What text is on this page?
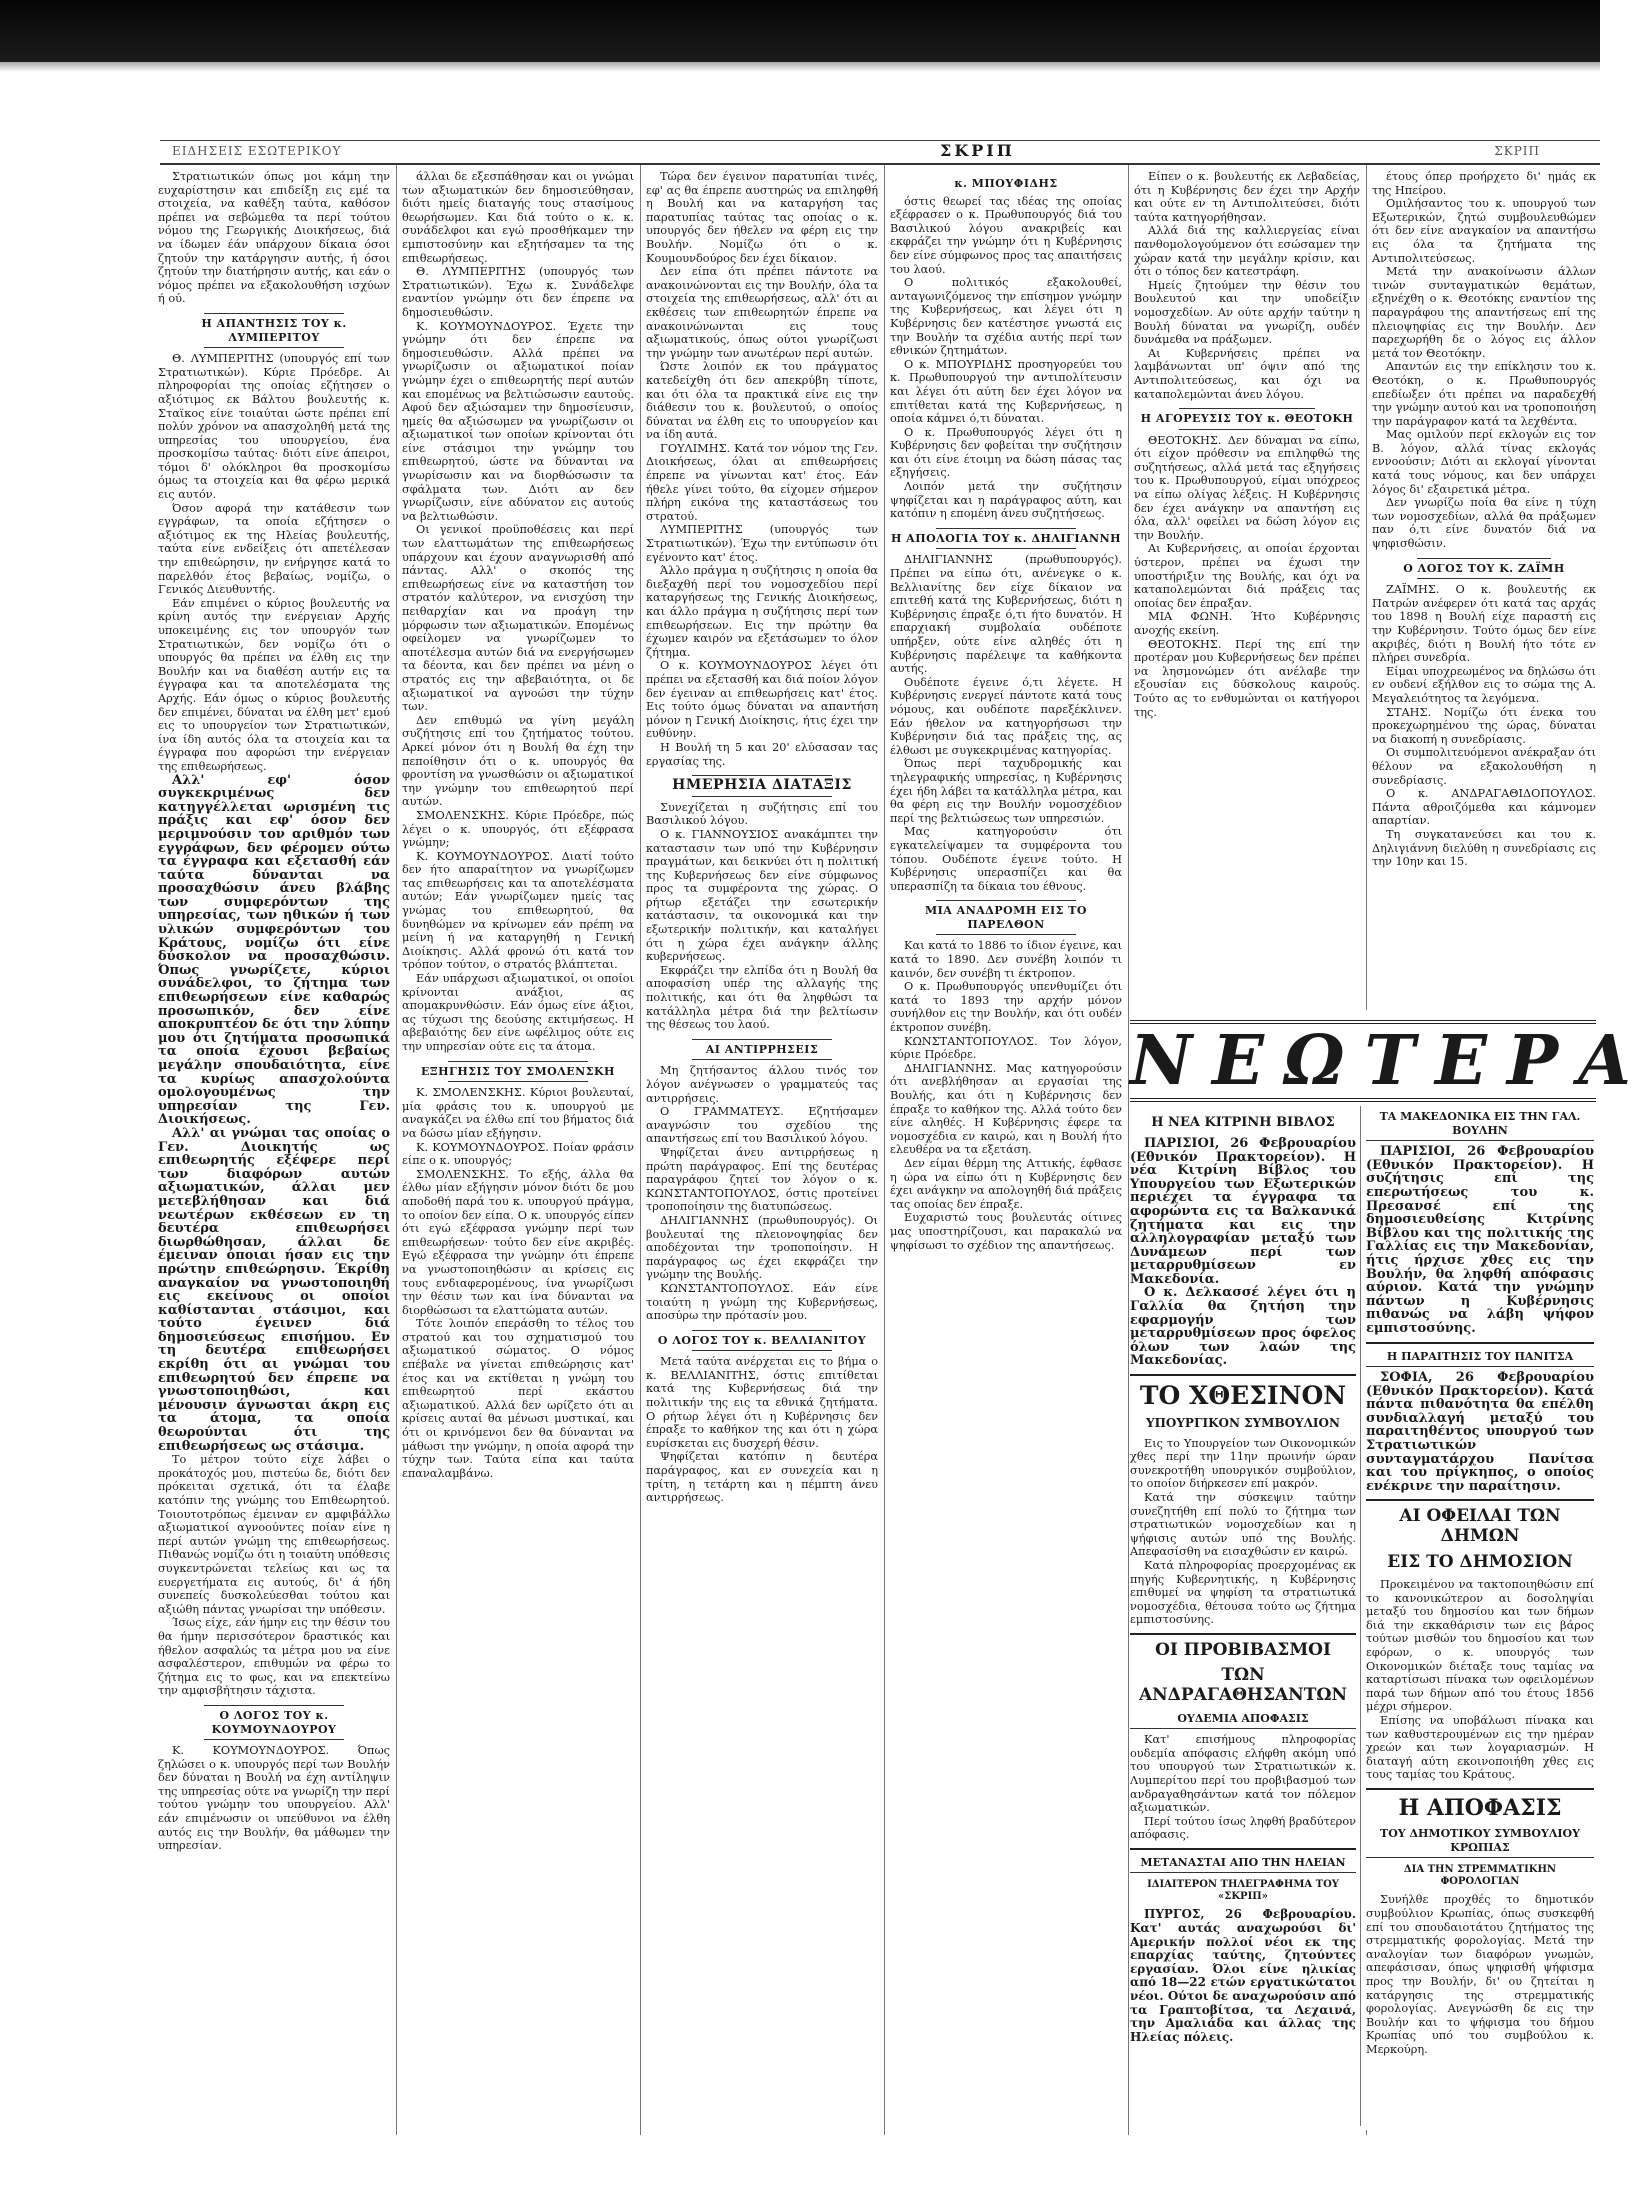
ΕΙΔΗΣΕΙΣ ΕΣΩΤΕΡΙΚΟΥ	ΣΚΡΙΠ	ΣΚΡΙΠ

Στρατιωτικών όπως μοι κάμη την ευχαρίστησιν και επιδείξη εις εμέ τα στοιχεία, να καθέξη ταύτα, καθόσον πρέπει να σεβώμεθα τα περί τούτου νόμου της Γεωργικής Διοικήσεως, διά να ίδωμεν έάν υπάρχουν δίκαια όσοι ζητούν την κατάργησιν αυτής, ή όσοι ζητούν την διατήρησιν αυτής, και εάν ο νόμος πρέπει να εξακολουθήση ισχύων ή ού.

Η ΑΠΑΝΤΗΣΙΣ ΤΟΥ κ. ΛΥΜΠΕΡΙΤΟΥ

Θ. ΛΥΜΠΕΡΙΤΗΣ (υπουργός επί των Στρατιωτικών). Κύριε Πρόεδρε. Αι πληροφορίαι της οποίας εζήτησεν ο αξιότιμος εκ Βάλτου βουλευτής κ. Σταϊκος είνε τοιαύται ώστε πρέπει επί πολύν χρόνον να απασχοληθή μετά της υπηρεσίας του υπουργείου, ένα προσκομίσω ταύτας· διότι είνε άπειροι, τόμοι δ' ολόκληροι θα προσκομίσω όμως τα στοιχεία και θα φέρω μερικά εις αυτόν.

Όσον αφορά την κατάθεσιν των εγγράφων, τα οποία εζήτησεν ο αξιότιμος εκ της Ηλείας βουλευτής, ταύτα είνε ενδείξεις ότι απετέλεσαν την επιθεώρησιν, ην ενήργησε κατά το παρελθόν έτος βεβαίως, νομίζω, ο Γενικός Διευθυντής.

Εάν επιμένει ο κύριος βουλευτής να κρίνη αυτός την ενέργειαν Αρχής υποκειμένης εις τον υπουργόν των Στρατιωτικών, δεν νομίζω ότι ο υπουργός θα πρέπει να έλθη εις την Βουλήν και να διαθέση αυτήν εις τα έγγραφα και τα αποτελέσματα της Αρχής. Εάν όμως ο κύριος βουλευτής δεν επιμένει, δύναται να έλθη μετ' εμού εις το υπουργείον των Στρατιωτικών, ίνα ίδη αυτός όλα τα στοιχεία και τα έγγραφα που αφορώσι την ενέργειαν της επιθεωρήσεως.

Αλλ' εφ' όσον συγκεκριμένως δεν κατηγγέλλεται ωρισμένη τις πράξις και εφ' όσον δεν μεριμνούσιν τον αριθμόν των εγγράφων, δεν φέρομεν ούτω τα έγγραφα και εξετασθή εάν ταύτα δύνανται να προσαχθώσιν άνευ βλάβης των συμφερόντων της υπηρεσίας, των ηθικών ή των υλικών συμφερόντων του Κράτους, νομίζω ότι είνε δύσκολον να προσαχθώσιν. Όπως γνωρίζετε, κύριοι συνάδελφοι, το ζήτημα των επιθεωρήσεων είνε καθαρώς προσωπικόν, δεν είνε αποκρυπτέον δε ότι την λύπην μου ότι ζητήματα προσωπικά τα οποία έχουσι βεβαίως μεγάλην σπουδαιότητα, είνε τα κυρίως απασχολούντα ομολογουμένως την υπηρεσίαν της Γεν. Διοικήσεως.

Αλλ' αι γνώμαι τας οποίας ο Γεν. Διοικητής ως επιθεωρητής εξέφερε περί των διαφόρων αυτών αξιωματικών, άλλαι μεν μετεβλήθησαν και διά νεωτέρων εκθέσεων εν τη δευτέρα επιθεωρήσει διωρθώθησαν, άλλαι δε έμειναν όποιαι ήσαν εις την πρώτην επιθεώρησιν. Έκρίθη αναγκαίον να γνωστοποιηθή εις εκείνους οι οποίοι καθίστανται στάσιμοι, και τούτο έγεινεν διά δημοσιεύσεως επισήμου. Εν τη δευτέρα επιθεωρήσει εκρίθη ότι αι γνώμαι του επιθεωρητού δεν έπρεπε να γνωστοποιηθώσι, και μένουσιν άγνωσται άκρη εις τα άτομα, τα οποία θεωρούνται ότι της επιθεωρήσεως ως στάσιμα.

Το μέτρον τούτο είχε λάβει ο προκάτοχός μου, πιστεύω δε, διότι δεν πρόκειται σχετικά, ότι τα έλαβε κατόπιν της γνώμης του Επιθεωρητού. Τοιουτοτρόπως έμειναν εν αμφιβάλλω αξιωματικοί αγνοούντες ποίαν είνε η περί αυτών γνώμη της επιθεωρήσεως. Πιθανώς νομίζω ότι η τοιαύτη υπόθεσις συγκεντρώνεται τελείως και ως τα ευεργετήματα εις αυτούς, δι' ά ήδη συνεπείς δυσκολεύεσθαι τούτου και αξιώθη πάντας γνωρίσαι την υπόθεσιν.

Ίσως είχε, εάν ήμην εις την θέσιν του θα ήμην περισσότερον δραστικός και ήθελον ασφαλώς τα μέτρα μου να είνε ασφαλέστερον, επιθυμών να φέρω το ζήτημα εις το φως, και να επεκτείνω την αμφισβήτησιν τάχιστα.

Ο ΛΟΓΟΣ ΤΟΥ κ. ΚΟΥΜΟΥΝΔΟΥΡΟΥ

Κ. ΚΟΥΜΟΥΝΔΟΥΡΟΣ. Όπως ζηλώσει ο κ. υπουργός περί των Βουλήν δεν δύναται η Βουλή να έχη αντίληψιν της υπηρεσίας ούτε να γνωρίζη την περί τούτου γνώμην του υπουργείου. Αλλ' εάν επιμένωσιν οι υπεύθυνοι να έλθη αυτός εις την Βουλήν, θα μάθωμεν την υπηρεσίαν.

άλλαι δε εξεσπάθησαν και οι γνώμαι των αξιωματικών δεν δημοσιεύθησαν, διότι ημείς διαταγής τους στασίμους θεωρήσωμεν. Και διά τούτο ο κ. κ. συνάδελφοι και εγώ προσθήκαμεν την εμπιστοσύνην και εξητήσαμεν τα της επιθεωρήσεως.

Θ. ΛΥΜΠΕΡΙΤΗΣ (υπουργός των Στρατιωτικών). Έχω κ. Συνάδελφε εναντίον γνώμην ότι δεν έπρεπε να δημοσιευθώσιν.

Κ. ΚΟΥΜΟΥΝΔΟΥΡΟΣ. Έχετε την γνώμην ότι δεν έπρεπε να δημοσιευθώσιν. Αλλά πρέπει να γνωρίζωσιν οι αξιωματικοί ποίαν γνώμην έχει ο επιθεωρητής περί αυτών και επομένως να βελτιώσωσιν εαυτούς. Αφού δεν αξιώσαμεν την δημοσίευσιν, ημείς θα αξιώσωμεν να γνωρίζωσιν οι αξιωματικοί των οποίων κρίνονται ότι είνε στάσιμοι την γνώμην του επιθεωρητού, ώστε να δύνανται να γνωρίσωσιν και να διορθώσωσιν τα σφάλματα των. Διότι αν δεν γνωρίζωσιν, είνε αδύνατον εις αυτούς να βελτιωθώσιν.

Οι γενικοί προϋποθέσεις και περί των ελαττωμάτων της επιθεωρήσεως υπάρχουν και έχουν αναγνωρισθή από πάντας. Αλλ' ο σκοπός της επιθεωρήσεως είνε να καταστήση τον στρατόν καλύτερον, να ενισχύση την πειθαρχίαν και να προάγη την μόρφωσιν των αξιωματικών. Επομένως οφείλομεν να γνωρίζωμεν το αποτέλεσμα αυτών διά να ενεργήσωμεν τα δέοντα, και δεν πρέπει να μένη ο στρατός εις την αβεβαιότητα, οι δε αξιωματικοί να αγνοώσι την τύχην των.

Δεν επιθυμώ να γίνη μεγάλη συζήτησις επί του ζητήματος τούτου. Αρκεί μόνον ότι η Βουλή θα έχη την πεποίθησιν ότι ο κ. υπουργός θα φροντίση να γνωσθώσιν οι αξιωματικοί την γνώμην του επιθεωρητού περί αυτών.

ΣΜΟΛΕΝΣΚΗΣ. Κύριε Πρόεδρε, πώς λέγει ο κ. υπουργός, ότι εξέφρασα γνώμην;

Κ. ΚΟΥΜΟΥΝΔΟΥΡΟΣ. Διατί τούτο δεν ήτο απαραίτητον να γνωρίζωμεν τας επιθεωρήσεις και τα αποτελέσματα αυτών; Εάν γνωρίζωμεν ημείς τας γνώμας του επιθεωρητού, θα δυνηθώμεν να κρίνωμεν εάν πρέπη να μείνη ή να καταργηθή η Γενική Διοίκησις. Αλλά φρονώ ότι κατά τον τρόπον τούτον, ο στρατός βλάπτεται.

Εάν υπάρχωσι αξιωματικοί, οι οποίοι κρίνονται ανάξιοι, ας απομακρυνθώσιν. Εάν όμως είνε άξιοι, ας τύχωσι της δεούσης εκτιμήσεως. Η αβεβαιότης δεν είνε ωφέλιμος ούτε εις την υπηρεσίαν ούτε εις τα άτομα.

ΕΞΗΓΗΣΙΣ ΤΟΥ ΣΜΟΛΕΝΣΚΗ

Κ. ΣΜΟΛΕΝΣΚΗΣ. Κύριοι βουλευταί, μία φράσις του κ. υπουργού με αναγκάζει να έλθω επί του βήματος διά να δώσω μίαν εξήγησιν.

Κ. ΚΟΥΜΟΥΝΔΟΥΡΟΣ. Ποίαν φράσιν είπε ο κ. υπουργός;

ΣΜΟΛΕΝΣΚΗΣ. Το εξής, άλλα θα έλθω μίαν εξήγησιν μόνον διότι δε μου αποδοθή παρά του κ. υπουργού πράγμα, το οποίον δεν είπα. Ο κ. υπουργός είπεν ότι εγώ εξέφρασα γνώμην περί των επιθεωρήσεων· τούτο δεν είνε ακριβές. Εγώ εξέφρασα την γνώμην ότι έπρεπε να γνωστοποιηθώσιν αι κρίσεις εις τους ενδιαφερομένους, ίνα γνωρίζωσι την θέσιν των και ίνα δύνανται να διορθώσωσι τα ελαττώματα αυτών.

Τότε λοιπόν επεράσθη το τέλος του στρατού και του σχηματισμού του αξιωματικού σώματος. Ο νόμος επέβαλε να γίνεται επιθεώρησις κατ' έτος και να εκτίθεται η γνώμη του επιθεωρητού περί εκάστου αξιωματικού. Αλλά δεν ωρίζετο ότι αι κρίσεις αυταί θα μένωσι μυστικαί, και ότι οι κρινόμενοι δεν θα δύνανται να μάθωσι την γνώμην, η οποία αφορά την τύχην των. Ταύτα είπα και ταύτα επαναλαμβάνω.

Τώρα δεν έγεινον παρατυπίαι τινές, εφ' ας θα έπρεπε αυστηρώς να επιληφθή η Βουλή και να καταργήση τας παρατυπίας ταύτας τας οποίας ο κ. υπουργός δεν ήθελεν να φέρη εις την Βουλήν. Νομίζω ότι ο κ. Κουμουνδούρος δεν έχει δίκαιον.

Δεν είπα ότι πρέπει πάντοτε να ανακοινώνονται εις την Βουλήν, όλα τα στοιχεία της επιθεωρήσεως, αλλ' ότι αι εκθέσεις των επιθεωρητών έπρεπε να ανακοινώνωνται εις τους αξιωματικούς, όπως ούτοι γνωρίζωσι την γνώμην των ανωτέρων περί αυτών.

Ώστε λοιπόν εκ του πράγματος κατεδείχθη ότι δεν απεκρύβη τίποτε, και ότι όλα τα πρακτικά είνε εις την διάθεσιν του κ. βουλευτού, ο οποίος δύναται να έλθη εις το υπουργείον και να ίδη αυτά.

ΓΟΥΛΙΜΗΣ. Κατά τον νόμον της Γεν. Διοικήσεως, όλαι αι επιθεωρήσεις έπρεπε να γίνωνται κατ' έτος. Εάν ήθελε γίνει τούτο, θα είχομεν σήμερον πλήρη εικόνα της καταστάσεως του στρατού.

ΛΥΜΠΕΡΙΤΗΣ (υπουργός των Στρατιωτικών). Έχω την εντύπωσιν ότι εγένοντο κατ' έτος.

Άλλο πράγμα η συζήτησις η οποία θα διεξαχθή περί του νομοσχεδίου περί καταργήσεως της Γενικής Διοικήσεως, και άλλο πράγμα η συζήτησις περί των επιθεωρήσεων. Εις την πρώτην θα έχωμεν καιρόν να εξετάσωμεν το όλον ζήτημα.

Ο κ. ΚΟΥΜΟΥΝΔΟΥΡΟΣ λέγει ότι πρέπει να εξετασθή και διά ποίον λόγον δεν έγειναν αι επιθεωρήσεις κατ' έτος. Εις τούτο όμως δύναται να απαντήση μόνον η Γενική Διοίκησις, ήτις έχει την ευθύνην.

Η Βουλή τη 5 και 20' ελύσασαν τας εργασίας της.

ΗΜΕΡΗΣΙΑ ΔΙΑΤΑΞΙΣ

Συνεχίζεται η συζήτησις επί του Βασιλικού λόγου.

Ο κ. ΓΙΑΝΝΟΥΣΙΟΣ ανακάμπτει την καταστασιν των υπό την Κυβέρνησιν πραγμάτων, και δεικνύει ότι η πολιτική της Κυβερνήσεως δεν είνε σύμφωνος προς τα συμφέροντα της χώρας. Ο ρήτωρ εξετάζει την εσωτερικήν κατάστασιν, τα οικονομικά και την εξωτερικήν πολιτικήν, και καταλήγει ότι η χώρα έχει ανάγκην άλλης κυβερνήσεως.

Εκφράζει την ελπίδα ότι η Βουλή θα αποφασίση υπέρ της αλλαγής της πολιτικής, και ότι θα ληφθώσι τα κατάλληλα μέτρα διά την βελτίωσιν της θέσεως του λαού.

ΑΙ ΑΝΤΙΡΡΗΣΕΙΣ

Μη ζητήσαντος άλλου τινός τον λόγον ανέγνωσεν ο γραμματεύς τας αντιρρήσεις.

Ο ΓΡΑΜΜΑΤΕΥΣ. Εζητήσαμεν αναγνώσιν του σχεδίου της απαντήσεως επί του Βασιλικού λόγου.

Ψηφίζεται άνευ αντιρρήσεως η πρώτη παράγραφος. Επί της δευτέρας παραγράφου ζητεί τον λόγον ο κ. ΚΩΝΣΤΑΝΤΟΠΟΥΛΟΣ, όστις προτείνει τροποποίησιν της διατυπώσεως.

ΔΗΛΙΓΙΑΝΝΗΣ (πρωθυπουργός). Οι βουλευταί της πλειονοψηφίας δεν αποδέχονται την τροποποίησιν. Η παράγραφος ως έχει εκφράζει την γνώμην της Βουλής.

ΚΩΝΣΤΑΝΤΟΠΟΥΛΟΣ. Εάν είνε τοιαύτη η γνώμη της Κυβερνήσεως, αποσύρω την πρότασίν μου.

Ο ΛΟΓΟΣ ΤΟΥ κ. ΒΕΛΛΙΑΝΙΤΟΥ

Μετά ταύτα ανέρχεται εις το βήμα ο κ. ΒΕΛΛΙΑΝΙΤΗΣ, όστις επιτίθεται κατά της Κυβερνήσεως διά την πολιτικήν της εις τα εθνικά ζητήματα. Ο ρήτωρ λέγει ότι η Κυβέρνησις δεν έπραξε το καθήκον της και ότι η χώρα ευρίσκεται εις δυσχερή θέσιν.

Ψηφίζεται κατόπιν η δευτέρα παράγραφος, και εν συνεχεία και η τρίτη, η τετάρτη και η πέμπτη άνευ αντιρρήσεως.

κ. ΜΠΟΥΦΙΔΗΣ

όστις θεωρεί τας ιδέας της οποίας εξέφρασεν ο κ. Πρωθυπουργός διά του Βασιλικού λόγου ανακριβείς και εκφράζει την γνώμην ότι η Κυβέρνησις δεν είνε σύμφωνος προς τας απαιτήσεις του λαού.

Ο πολιτικός εξακολουθεί, ανταγωνιζόμενος την επίσημον γνώμην της Κυβερνήσεως, και λέγει ότι η Κυβέρνησις δεν κατέστησε γνωστά εις την Βουλήν τα σχέδια αυτής περί των εθνικών ζητημάτων.

Ο κ. ΜΠΟΥΡΙΔΗΣ προσηγορεύει του κ. Πρωθυπουργού την αντιπολίτευσιν και λέγει ότι αύτη δεν έχει λόγον να επιτίθεται κατά της Κυβερνήσεως, η οποία κάμνει ό,τι δύναται.

Ο κ. Πρωθυπουργός λέγει ότι η Κυβέρνησις δεν φοβείται την συζήτησιν και ότι είνε έτοιμη να δώση πάσας τας εξηγήσεις.

Λοιπόν μετά την συζήτησιν ψηφίζεται και η παράγραφος αύτη, και κατόπιν η επομένη άνευ συζητήσεως.

Η ΑΠΟΛΟΓΙΑ ΤΟΥ κ. ΔΗΛΙΓΙΑΝΝΗ

ΔΗΛΙΓΙΑΝΝΗΣ (πρωθυπουργός). Πρέπει να είπω ότι, ανένεγκε ο κ. Βελλιανίτης δεν είχε δίκαιον να επιτεθή κατά της Κυβερνήσεως, διότι η Κυβέρνησις έπραξε ό,τι ήτο δυνατόν. Η επαρχιακή συμβολαία ουδέποτε υπήρξεν, ούτε είνε αληθές ότι η Κυβέρνησις παρέλειψε τα καθήκοντα αυτής.

Ουδέποτε έγεινε ό,τι λέγετε. Η Κυβέρνησις ενεργεί πάντοτε κατά τους νόμους, και ουδέποτε παρεξέκλινεν. Εάν ήθελον να κατηγορήσωσι την Κυβέρνησιν διά τας πράξεις της, ας έλθωσι με συγκεκριμένας κατηγορίας.

Όπως περί ταχυδρομικής και τηλεγραφικής υπηρεσίας, η Κυβέρνησις έχει ήδη λάβει τα κατάλληλα μέτρα, και θα φέρη εις την Βουλήν νομοσχέδιον περί της βελτιώσεως των υπηρεσιών.

Μας κατηγορούσιν ότι εγκατελείψαμεν τα συμφέροντα του τόπου. Ουδέποτε έγεινε τούτο. Η Κυβέρνησις υπερασπίζει και θα υπερασπίζη τα δίκαια του έθνους.

ΜΙΑ ΑΝΑΔΡΟΜΗ ΕΙΣ ΤΟ ΠΑΡΕΛΘΟΝ

Και κατά το 1886 το ίδιον έγεινε, και κατά το 1890. Δεν συνέβη λοιπόν τι καινόν, δεν συνέβη τι έκτροπον.

Ο κ. Πρωθυπουργός υπενθυμίζει ότι κατά το 1893 την αρχήν μόνον συνήλθον εις την Βουλήν, και ότι ουδέν έκτροπον συνέβη.

ΚΩΝΣΤΑΝΤΟΠΟΥΛΟΣ. Τον λόγον, κύριε Πρόεδρε.

ΔΗΛΙΓΙΑΝΝΗΣ. Μας κατηγορούσιν ότι ανεβλήθησαν αι εργασίαι της Βουλής, και ότι η Κυβέρνησις δεν έπραξε το καθήκον της. Αλλά τούτο δεν είνε αληθές. Η Κυβέρνησις έφερε τα νομοσχέδια εν καιρώ, και η Βουλή ήτο ελευθέρα να τα εξετάση.

Δεν είμαι θέρμη της Αττικής, έφθασε η ώρα να είπω ότι η Κυβέρνησις δεν έχει ανάγκην να απολογηθή διά πράξεις τας οποίας δεν έπραξε.

Ευχαριστώ τους βουλευτάς οίτινες μας υποστηρίζουσι, και παρακαλώ να ψηφίσωσι το σχέδιον της απαντήσεως.

Είπεν ο κ. βουλευτής εκ Λεβαδείας, ότι η Κυβέρνησις δεν έχει την Αρχήν και ούτε εν τη Αντιπολιτεύσει, διότι ταύτα κατηγορήθησαν.

Αλλά διά της καλλιεργείας είναι πανθομολογούμενον ότι εσώσαμεν την χώραν κατά την μεγάλην κρίσιν, και ότι ο τόπος δεν κατεστράφη.

Ημείς ζητούμεν την θέσιν του Βουλευτού και την υποδείξιν νομοσχεδίων. Αν ούτε αρχήν ταύτην η Βουλή δύναται να γνωρίζη, ουδέν δυνάμεθα να πράξωμεν.

Αι Κυβερνήσεις πρέπει να λαμβάνωνται υπ' όψιν από της Αντιπολιτεύσεως, και όχι να καταπολεμώνται άνευ λόγου.

Η ΑΓΟΡΕΥΣΙΣ ΤΟΥ κ. ΘΕΟΤΟΚΗ

ΘΕΟΤΟΚΗΣ. Δεν δύναμαι να είπω, ότι είχον πρόθεσιν να επιληφθώ της συζητήσεως, αλλά μετά τας εξηγήσεις του κ. Πρωθυπουργού, είμαι υπόχρεος να είπω ολίγας λέξεις. Η Κυβέρνησις δεν έχει ανάγκην να απαντήση εις όλα, αλλ' οφείλει να δώση λόγον εις την Βουλήν.

Αι Κυβερνήσεις, αι οποίαι έρχονται ύστερον, πρέπει να έχωσι την υποστήριξιν της Βουλής, και όχι να καταπολεμώνται διά πράξεις τας οποίας δεν έπραξαν.

ΜΙΑ ΦΩΝΗ. Ήτο Κυβέρνησις ανοχής εκείνη.

ΘΕΟΤΟΚΗΣ. Περί της επί την προτέραν μου Κυβερνήσεως δεν πρέπει να λησμονώμεν ότι ανέλαβε την εξουσίαν εις δύσκολους καιρούς. Τούτο ας το ενθυμώνται οι κατήγοροι της.

έτους όπερ προήρχετο δι' ημάς εκ της Ηπείρου.

Ομιλήσαντος του κ. υπουργού των Εξωτερικών, ζητώ συμβουλευθώμεν ότι δεν είνε αναγκαίον να απαντήσω εις όλα τα ζητήματα της Αντιπολιτεύσεως.

Μετά την ανακοίνωσιν άλλων τινών συνταγματικών θεμάτων, εξηνέχθη ο κ. Θεοτόκης εναντίον της παραγράφου της απαντήσεως επί της πλειοψηφίας εις την Βουλήν. Δεν παρεχωρήθη δε ο λόγος εις άλλον μετά τον Θεοτόκην.

Απαντών εις την επίκλησιν του κ. Θεοτόκη, ο κ. Πρωθυπουργός επεδίωξεν ότι πρέπει να παραδεχθή την γνώμην αυτού και να τροποποιήση την παράγραφον κατά τα λεχθέντα.

Μας ομιλούν περί εκλογών εις τον Β. λόγον, αλλά τίνας εκλογάς εννοούσιν; Διότι αι εκλογαί γίνονται κατά τους νόμους, και δεν υπάρχει λόγος δι' εξαιρετικά μέτρα.

Δεν γνωρίζω ποία θα είνε η τύχη των νομοσχεδίων, αλλά θα πράξωμεν παν ό,τι είνε δυνατόν διά να ψηφισθώσιν.

Ο ΛΟΓΟΣ ΤΟΥ Κ. ΖΑΪΜΗ

ΖΑΪΜΗΣ. Ο κ. βουλευτής εκ Πατρών ανέφερεν ότι κατά τας αρχάς του 1898 η Βουλή είχε παραστή εις την Κυβέρνησιν. Τούτο όμως δεν είνε ακριβές, διότι η Βουλή ήτο τότε εν πλήρει συνεδρία.

Είμαι υποχρεωμένος να δηλώσω ότι εν ουδενί εξήλθον εις το σώμα της Α. Μεγαλειότητος τα λεγόμενα.

ΣΤΑΗΣ. Νομίζω ότι ένεκα του προκεχωρημένου της ώρας, δύναται να διακοπή η συνεδρίασις.

Οι συμπολιτευόμενοι ανέκραξαν ότι θέλουν να εξακολουθήση η συνεδρίασις.

Ο κ. ΑΝΔΡΑΓΑΘΙΔΟΠΟΥΛΟΣ. Πάντα αθροιζόμεθα και κάμνομεν απαρτίαν.

Τη συγκατανεύσει και του κ. Δηλιγιάννη διελύθη η συνεδρίασις εις την 10ην και 15.

ΝΕΩΤΕΡΑ
Η ΝΕΑ ΚΙΤΡΙΝΗ ΒΙΒΛΟΣ

ΠΑΡΙΣΙΟΙ, 26 Φεβρουαρίου (Εθνικόν Πρακτορείον). Η νέα Κιτρίνη Βίβλος του Υπουργείου των Εξωτερικών περιέχει τα έγγραφα τα αφορώντα εις τα Βαλκανικά ζητήματα και εις την αλληλογραφίαν μεταξύ των Δυνάμεων περί των μεταρρυθμίσεων εν Μακεδονία.

Ο κ. Δελκασσέ λέγει ότι η Γαλλία θα ζητήση την εφαρμογήν των μεταρρυθμίσεων προς όφελος όλων των λαών της Μακεδονίας.

ΤΟ ΧΘΕΣΙΝΟΝ
ΥΠΟΥΡΓΙΚΟΝ ΣΥΜΒΟΥΛΙΟΝ

Εις το Υπουργείον των Οικονομικών χθες περί την 11ην πρωινήν ώραν συνεκροτήθη υπουργικόν συμβούλιον, το οποίον διήρκεσεν επί μακρόν.

Κατά την σύσκεψιν ταύτην συνεζητήθη επί πολύ το ζήτημα των στρατιωτικών νομοσχεδίων και η ψήφισις αυτών υπό της Βουλής. Απεφασίσθη να εισαχθώσιν εν καιρώ.

Κατά πληροφορίας προερχομένας εκ πηγής Κυβερνητικής, η Κυβέρνησις επιθυμεί να ψηφίση τα στρατιωτικά νομοσχέδια, θέτουσα τούτο ως ζήτημα εμπιστοσύνης.

ΟΙ ΠΡΟΒΙΒΑΣΜΟΙ
ΤΩΝ ΑΝΔΡΑΓΑΘΗΣΑΝΤΩΝ
ΟΥΔΕΜΙΑ ΑΠΟΦΑΣΙΣ

Κατ' επισήμους πληροφορίας ουδεμία απόφασις ελήφθη ακόμη υπό του υπουργού των Στρατιωτικών κ. Λυμπερίτου περί του προβιβασμού των ανδραγαθησάντων κατά τον πόλεμον αξιωματικών.

Περί τούτου ίσως ληφθή βραδύτερον απόφασις.

ΜΕΤΑΝΑΣΤΑΙ ΑΠΟ ΤΗΝ ΗΛΕΙΑΝ
ΙΔΙΑΙΤΕΡΟΝ ΤΗΛΕΓΡΑΦΗΜΑ ΤΟΥ «ΣΚΡΙΠ»

ΠΥΡΓΟΣ, 26 Φεβρουαρίου. Κατ' αυτάς αναχωρούσι δι' Αμερικήν πολλοί νέοι εκ της επαρχίας ταύτης, ζητούντες εργασίαν. Όλοι είνε ηλικίας από 18—22 ετών εργατικώτατοι νέοι. Ούτοι δε αναχωρούσιν από τα Γραπτοβίτσα, τα Λεχαινά, την Αμαλιάδα και άλλας της Ηλείας πόλεις.

ΤΑ ΜΑΚΕΔΟΝΙΚΑ ΕΙΣ ΤΗΝ ΓΑΛ. ΒΟΥΛΗΝ

ΠΑΡΙΣΙΟΙ, 26 Φεβρουαρίου (Εθνικόν Πρακτορείον). Η συζήτησις επί της επερωτήσεως του κ. Πρεσανσέ επί της δημοσιευθείσης Κιτρίνης Βίβλου και της πολιτικής της Γαλλίας εις την Μακεδονίαν, ήτις ήρχισε χθες εις την Βουλήν, θα ληφθή απόφασις αύριον. Κατά την γνώμην πάντων η Κυβέρνησις πιθανώς να λάβη ψήφον εμπιστοσύνης.

Η ΠΑΡΑΙΤΗΣΙΣ ΤΟΥ ΠΑΝΙΤΣΑ

ΣΟΦΙΑ, 26 Φεβρουαρίου (Εθνικόν Πρακτορείον). Κατά πάντα πιθανότητα θα επέλθη συνδιαλλαγή μεταξύ του παραιτηθέντος υπουργού των Στρατιωτικών συνταγματάρχου Πανίτσα και του πρίγκηπος, ο οποίος ενέκρινε την παραίτησιν.

ΑΙ ΟΦΕΙΛΑΙ ΤΩΝ ΔΗΜΩΝ
ΕΙΣ ΤΟ ΔΗΜΟΣΙΟΝ

Προκειμένου να τακτοποιηθώσιν επί το κανονικώτερον αι δοσοληψίαι μεταξύ του δημοσίου και των δήμων διά την εκκαθάρισιν των εις βάρος τούτων μισθών του δημοσίου και των εφόρων, ο κ. υπουργός των Οικονομικών διέταξε τους ταμίας να καταρτίσωσι πίνακα των οφειλομένων παρά των δήμων από του έτους 1856 μέχρι σήμερον.

Επίσης να υποβάλωσι πίνακα και των καθυστερουμένων εις την ημέραν χρεών και των λογαριασμών. Η διαταγή αύτη εκοινοποιήθη χθες εις τους ταμίας του Κράτους.

Η ΑΠΟΦΑΣΙΣ
ΤΟΥ ΔΗΜΟΤΙΚΟΥ ΣΥΜΒΟΥΛΙΟΥ ΚΡΩΠΙΑΣ
ΔΙΑ ΤΗΝ ΣΤΡΕΜΜΑΤΙΚΗΝ ΦΟΡΟΛΟΓΙΑΝ

Συνήλθε προχθές το δημοτικόν συμβούλιον Κρωπίας, όπως συσκεφθή επί του σπουδαιοτάτου ζητήματος της στρεμματικής φορολογίας. Μετά την αναλογίαν των διαφόρων γνωμών, απεφάσισαν, όπως ψηφισθή ψήφισμα προς την Βουλήν, δι' ου ζητείται η κατάργησις της στρεμματικής φορολογίας. Ανεγνώσθη δε εις την Βουλήν και το ψήφισμα του δήμου Κρωπίας υπό του συμβούλου κ. Μερκούρη.
